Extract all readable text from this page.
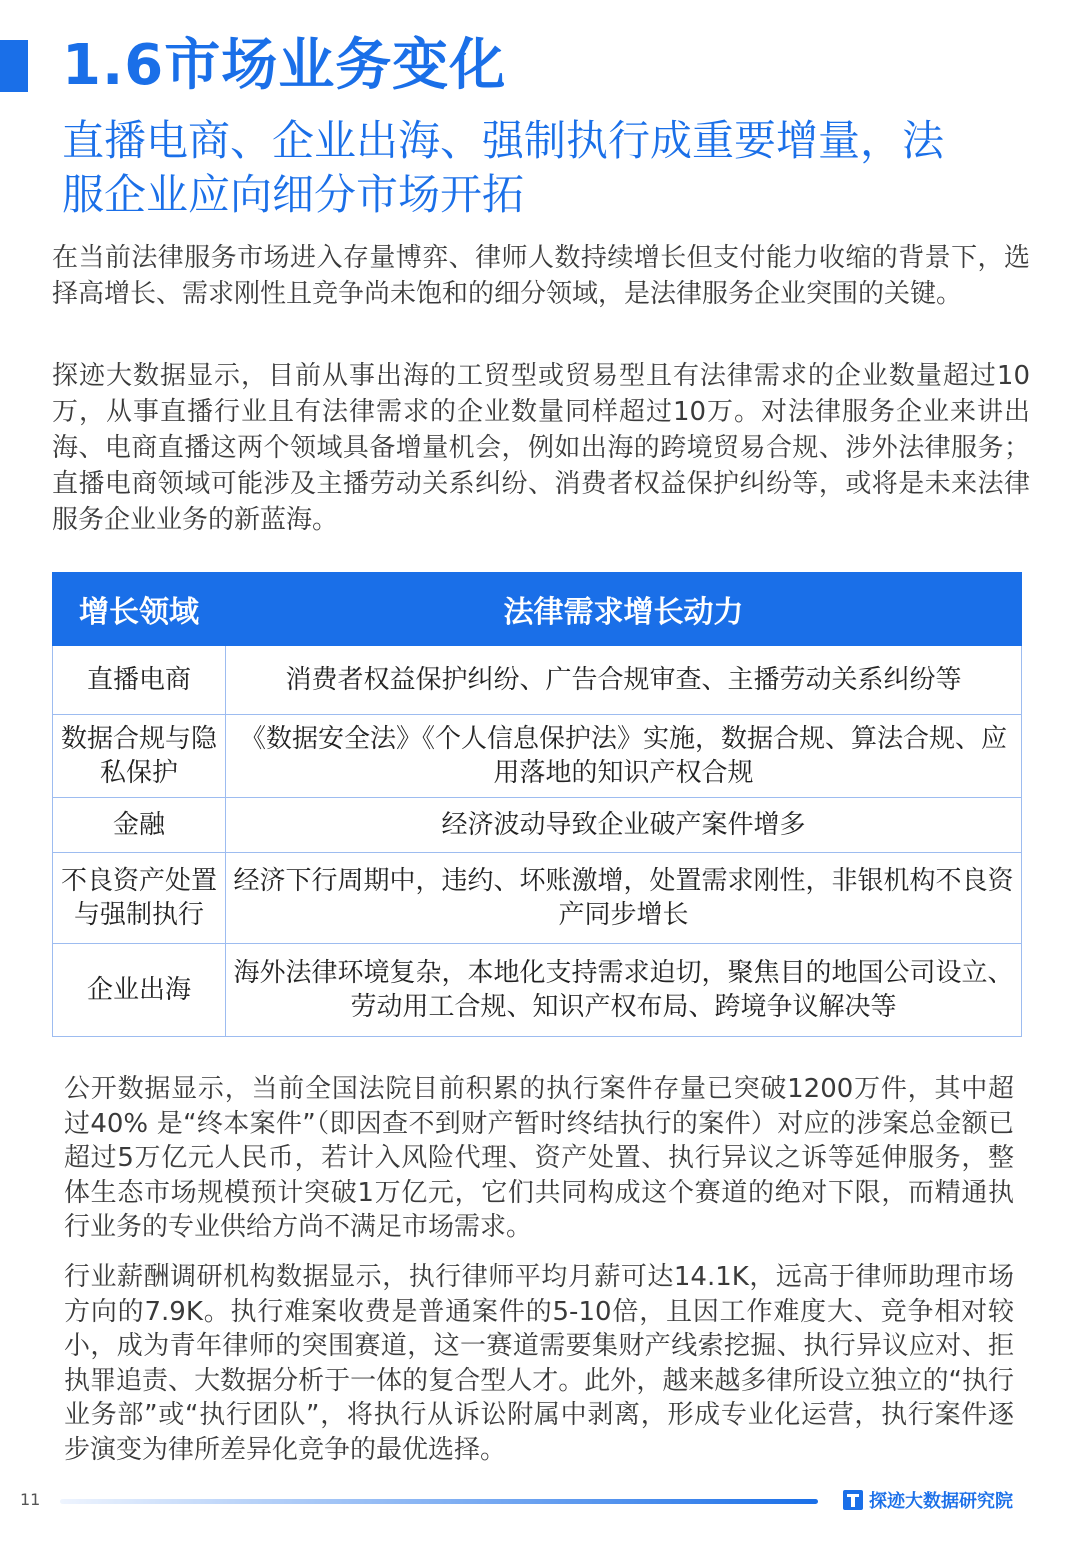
1.6市场业务变化
直播电商、企业出海、强制执行成重要增量，法
服企业应向细分市场开拓

在当前法律服务市场进入存量博弈、律师人数持续增长但支付能力收缩的背景下，选择高增长、需求刚性且竞争尚未饱和的细分领域，是法律服务企业突围的关键。

探迹大数据显示，目前从事出海的工贸型或贸易型且有法律需求的企业数量超过10万，从事直播行业且有法律需求的企业数量同样超过10万。对法律服务企业来讲出海、电商直播这两个领域具备增量机会，例如出海的跨境贸易合规、涉外法律服务；直播电商领域可能涉及主播劳动关系纠纷、消费者权益保护纠纷等，或将是未来法律服务企业业务的新蓝海。

增长领域	法律需求增长动力
直播电商	消费者权益保护纠纷、广告合规审查、主播劳动关系纠纷等
数据合规与隐私保护	《数据安全法》《个人信息保护法》实施，数据合规、算法合规、应用落地的知识产权合规
金融	经济波动导致企业破产案件增多
不良资产处置与强制执行	经济下行周期中，违约、坏账激增，处置需求刚性，非银机构不良资产同步增长
企业出海	海外法律环境复杂，本地化支持需求迫切，聚焦目的地国公司设立、劳动用工合规、知识产权布局、跨境争议解决等

公开数据显示，当前全国法院目前积累的执行案件存量已突破1200万件，其中超过40% 是“终本案件”（即因查不到财产暂时终结执行的案件）对应的涉案总金额已超过5万亿元人民币，若计入风险代理、资产处置、执行异议之诉等延伸服务，整体生态市场规模预计突破1万亿元，它们共同构成这个赛道的绝对下限，而精通执行业务的专业供给方尚不满足市场需求。

行业薪酬调研机构数据显示，执行律师平均月薪可达14.1K，远高于律师助理市场方向的7.9K。执行难案收费是普通案件的5-10倍，且因工作难度大、竞争相对较小，成为青年律师的突围赛道，这一赛道需要集财产线索挖掘、执行异议应对、拒执罪追责、大数据分析于一体的复合型人才。此外，越来越多律所设立独立的“执行业务部”或“执行团队”，将执行从诉讼附属中剥离，形成专业化运营，执行案件逐步演变为律所差异化竞争的最优选择。

11	探迹大数据研究院
